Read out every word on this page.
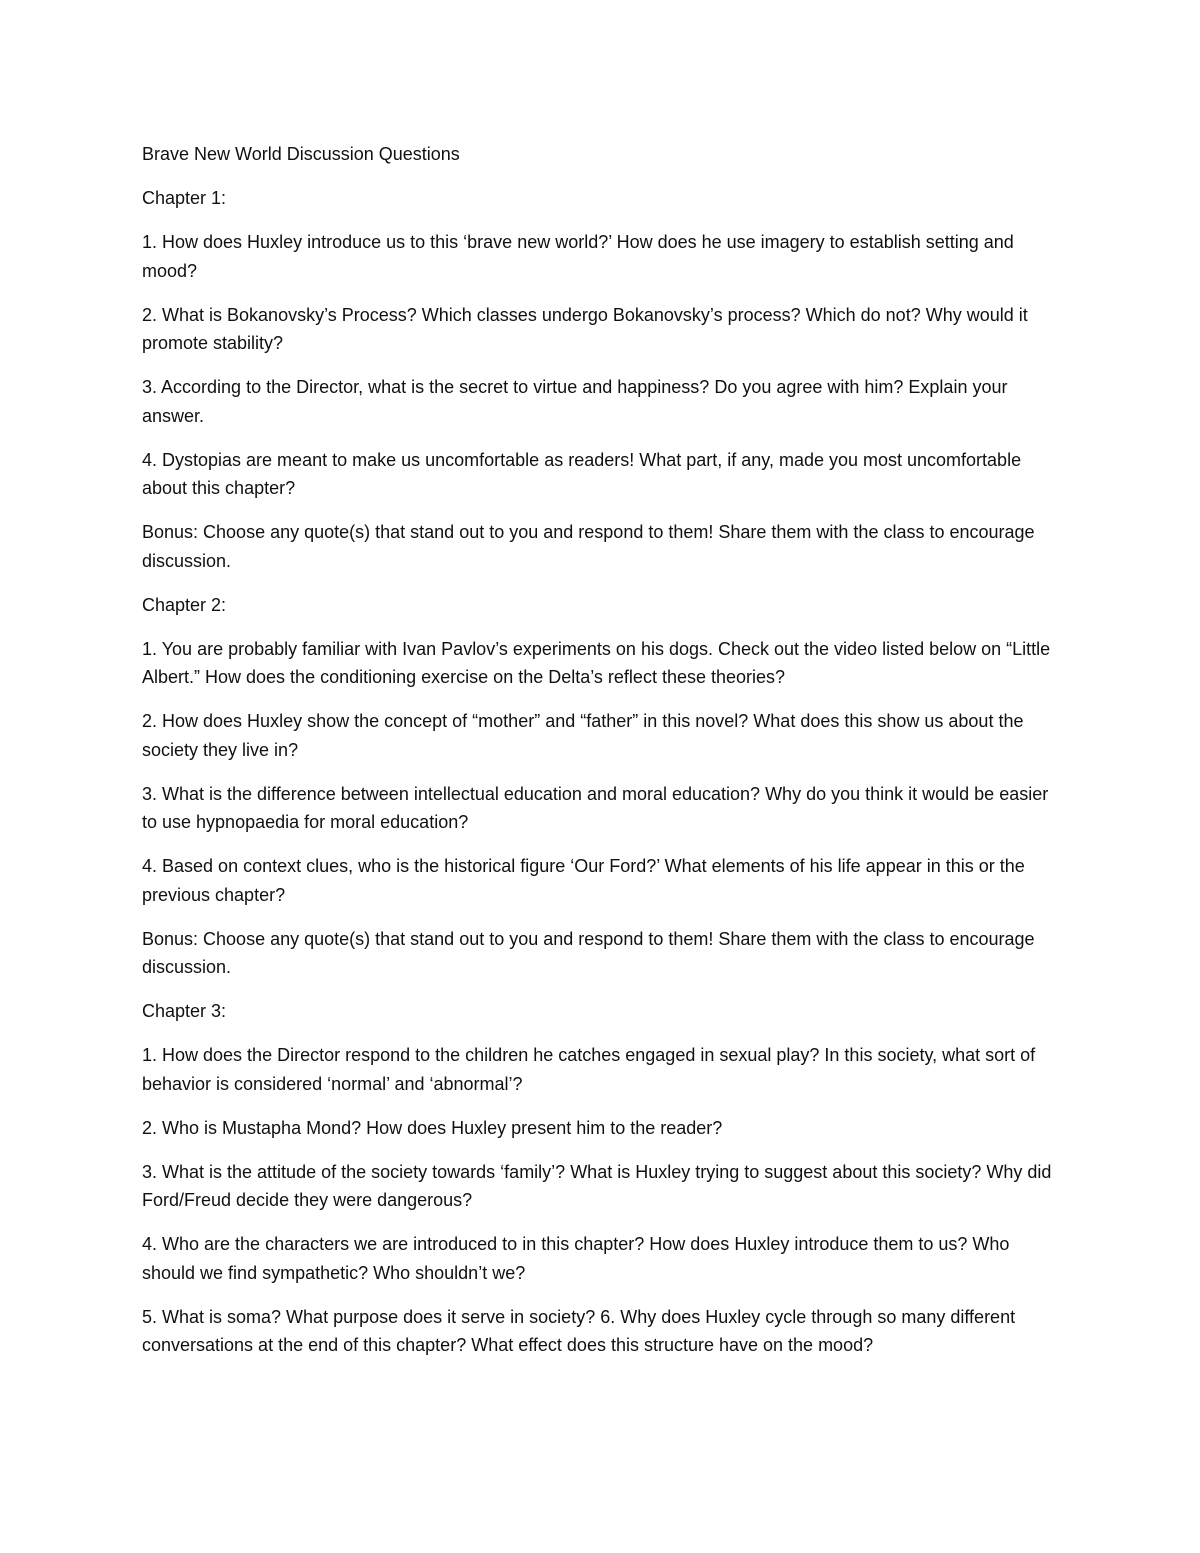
Brave New World Discussion Questions

Chapter 1:

1. How does Huxley introduce us to this ‘brave new world?’ How does he use imagery to establish setting and mood?

2. What is Bokanovsky’s Process? Which classes undergo Bokanovsky’s process? Which do not? Why would it promote stability?

3. According to the Director, what is the secret to virtue and happiness? Do you agree with him? Explain your answer.

4. Dystopias are meant to make us uncomfortable as readers! What part, if any, made you most uncomfortable about this chapter?

Bonus: Choose any quote(s) that stand out to you and respond to them! Share them with the class to encourage discussion.

Chapter 2:

1. You are probably familiar with Ivan Pavlov’s experiments on his dogs. Check out the video listed below on “Little Albert.” How does the conditioning exercise on the Delta’s reflect these theories?

2. How does Huxley show the concept of “mother” and “father” in this novel? What does this show us about the society they live in?

3. What is the difference between intellectual education and moral education? Why do you think it would be easier to use hypnopaedia for moral education?

4. Based on context clues, who is the historical figure ‘Our Ford?’ What elements of his life appear in this or the previous chapter?

Bonus: Choose any quote(s) that stand out to you and respond to them! Share them with the class to encourage discussion.

Chapter 3:

1. How does the Director respond to the children he catches engaged in sexual play? In this society, what sort of behavior is considered ‘normal’ and ‘abnormal’?

2. Who is Mustapha Mond? How does Huxley present him to the reader?

3. What is the attitude of the society towards ‘family’? What is Huxley trying to suggest about this society? Why did Ford/Freud decide they were dangerous?

4. Who are the characters we are introduced to in this chapter? How does Huxley introduce them to us? Who should we find sympathetic? Who shouldn’t we?

5. What is soma? What purpose does it serve in society? 6. Why does Huxley cycle through so many different conversations at the end of this chapter? What effect does this structure have on the mood?
